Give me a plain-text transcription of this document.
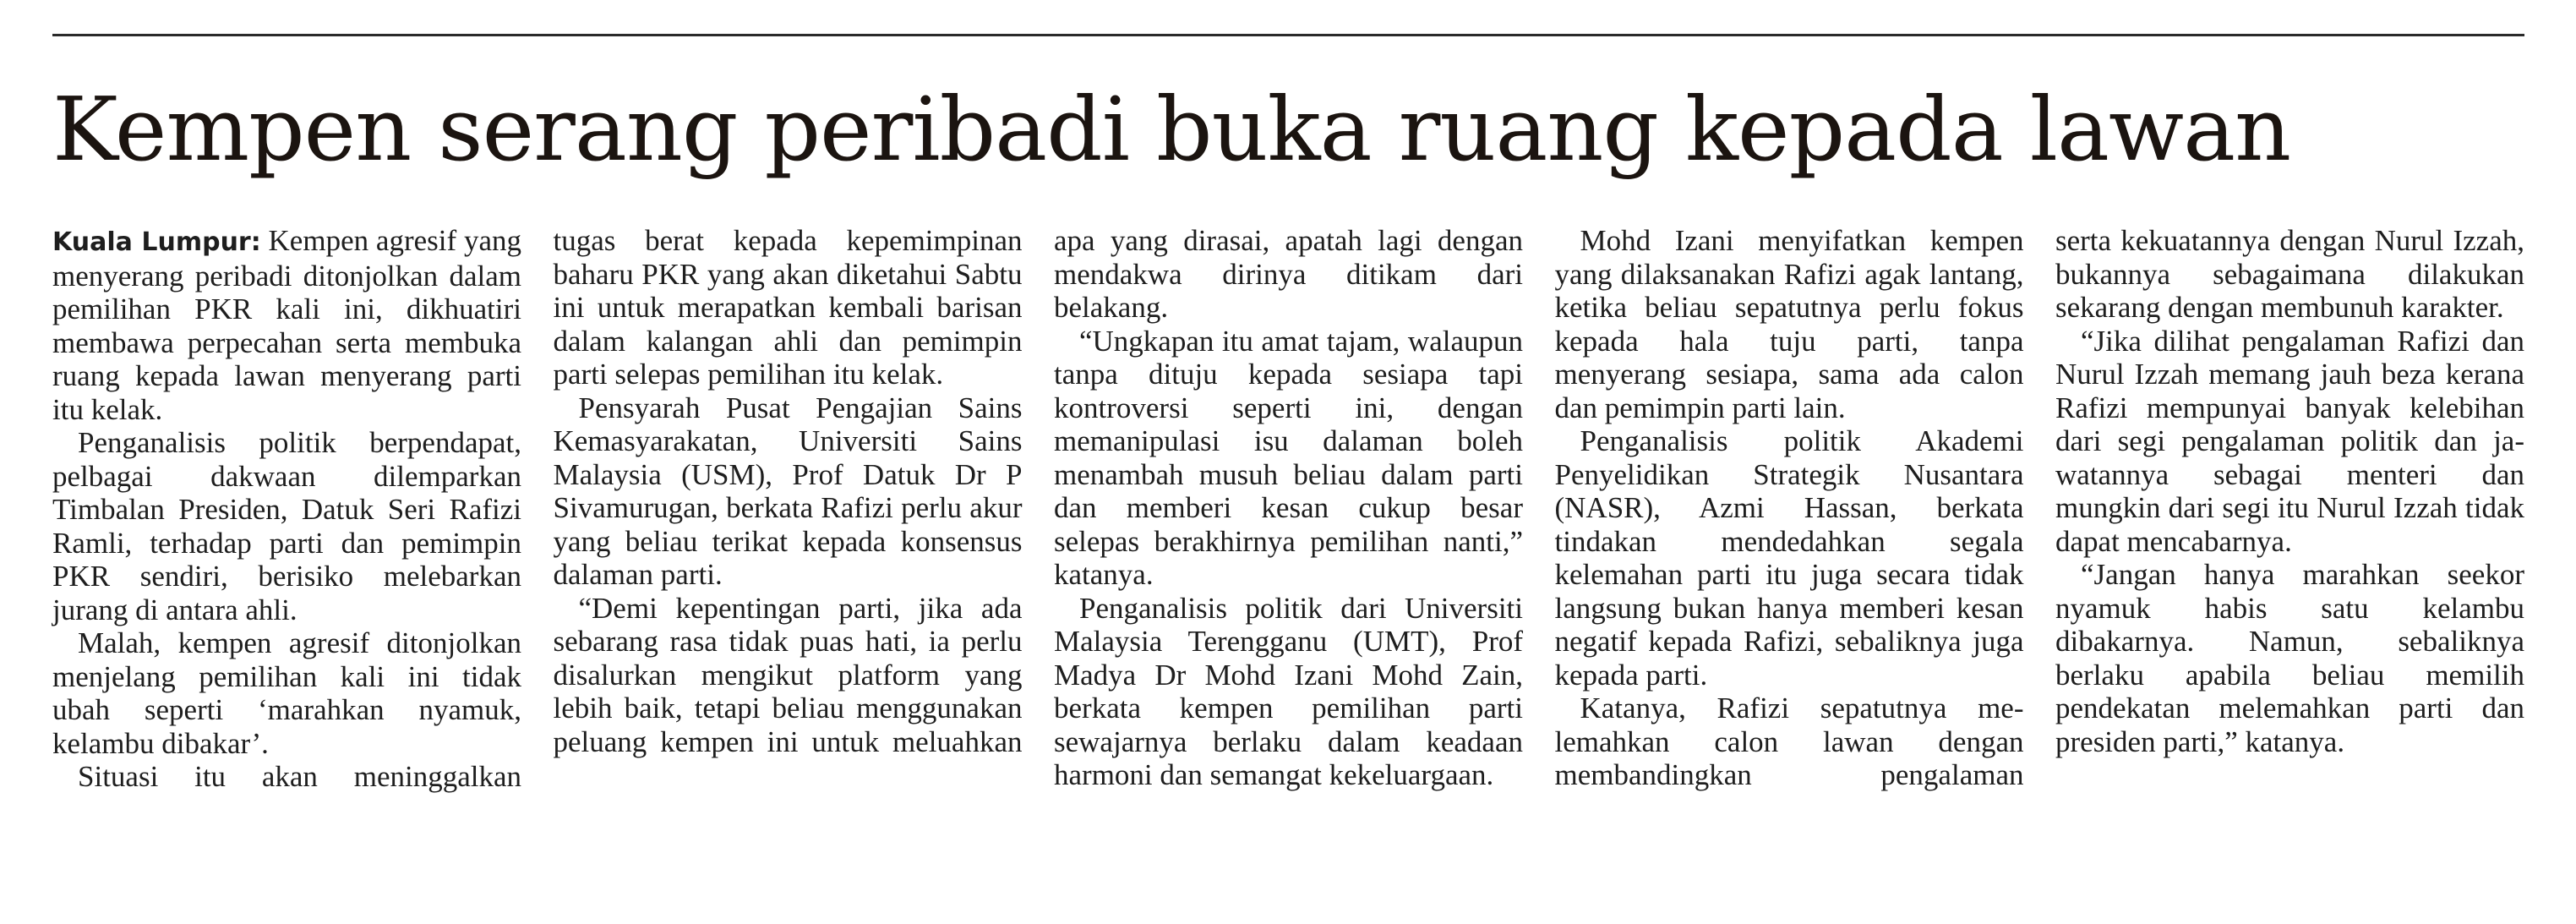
Kempen serang peribadi buka ruang kepada lawan

Kuala Lumpur: Kempen agresif yang menyerang peribadi ditonjolkan dalam pemilihan PKR kali ini, dikhuatiri membawa perpecahan serta membuka ruang kepada lawan menyerang parti itu kelak.

Penganalisis politik berpendapat, pelbagai dakwaan dilemparkan Timbalan Presiden, Datuk Seri Rafizi Ramli, terhadap parti dan pemimpin PKR sendiri, berisiko melebarkan jurang di antara ahli.

Malah, kempen agresif ditonjolkan menjelang pemilihan kali ini tidak ubah seperti ‘marahkan nyamuk, kelambu dibakar’.

Situasi itu akan meninggalkan

tugas berat kepada kepemimpinan baharu PKR yang akan diketahui Sabtu ini untuk merapatkan kembali barisan dalam kalangan ahli dan pemimpin parti selepas pemilihan itu kelak.

Pensyarah Pusat Pengajian Sains Kemasyarakatan, Universiti Sains Malaysia (USM), Prof Datuk Dr P Sivamurugan, berkata Rafizi perlu akur yang beliau terikat kepada konsensus dalaman parti.

“Demi kepentingan parti, jika ada sebarang rasa tidak puas hati, ia perlu disalurkan mengikut platform yang lebih baik, tetapi beliau menggunakan peluang kempen ini untuk meluahkan

apa yang dirasai, apatah lagi dengan mendakwa dirinya ditikam dari belakang.

“Ungkapan itu amat tajam, walaupun tanpa dituju kepada sesiapa tapi kontroversi seperti ini, dengan memanipulasi isu dalaman boleh menambah musuh beliau dalam parti dan memberi kesan cukup besar selepas berakhirnya pemilihan nanti,” katanya.

Penganalisis politik dari Universiti Malaysia Terengganu (UMT), Prof Madya Dr Mohd Izani Mohd Zain, berkata kempen pemilihan parti sewajarnya berlaku dalam keadaan harmoni dan semangat kekeluargaan.

Mohd Izani menyifatkan kempen yang dilaksanakan Rafizi agak lantang, ketika beliau sepatutnya perlu fokus kepada hala tuju parti, tanpa menyerang sesiapa, sama ada calon dan pemimpin parti lain.

Penganalisis politik Akademi Penyelidikan Strategik Nusantara (NASR), Azmi Hassan, berkata tindakan mendedahkan segala kelemahan parti itu juga secara tidak langsung bukan hanya memberi kesan negatif kepada Rafizi, sebaliknya juga kepada parti.

Katanya, Rafizi sepatutnya melemahkan calon lawan dengan membandingkan pengalaman

serta kekuatannya dengan Nurul Izzah, bukannya sebagaimana dilakukan sekarang dengan membunuh karakter.

“Jika dilihat pengalaman Rafizi dan Nurul Izzah memang jauh beza kerana Rafizi mempunyai banyak kelebihan dari segi pengalaman politik dan jawatannya sebagai menteri dan mungkin dari segi itu Nurul Izzah tidak dapat mencabarnya.

“Jangan hanya marahkan seekor nyamuk habis satu kelambu dibakarnya. Namun, sebaliknya berlaku apabila beliau memilih pendekatan melemahkan parti dan presiden parti,” katanya.
